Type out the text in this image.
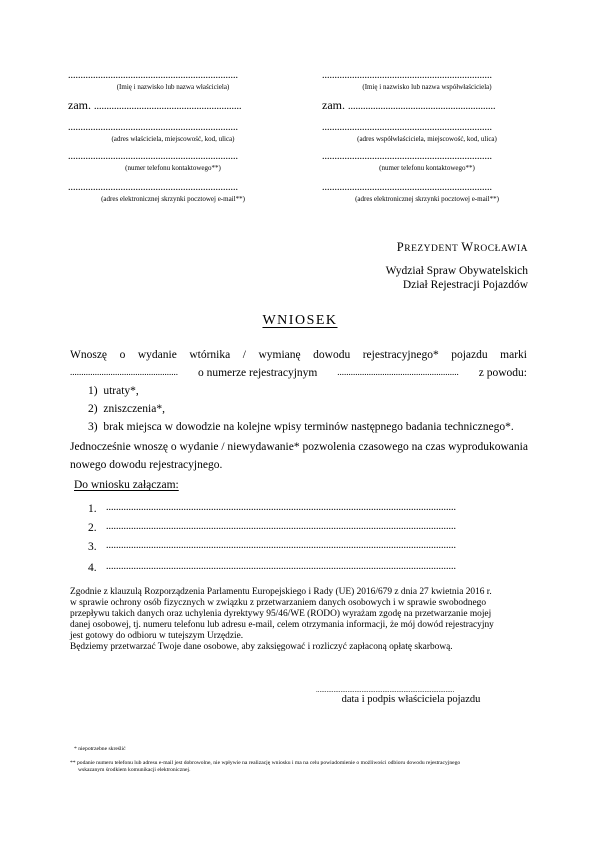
....................................................................
(Imię i nazwisko lub nazwa właściciela)
zam. ...........................................................
....................................................................
(adres właściciela, miejscowość, kod, ulica)
....................................................................
(numer telefonu kontaktowego**)
....................................................................
(adres elektronicznej skrzynki pocztowej e-mail**)
....................................................................
(Imię i nazwisko lub nazwa współwłaściciela)
zam. ...........................................................
....................................................................
(adres współwłaściciela, miejscowość, kod, ulica)
....................................................................
(numer telefonu kontaktowego**)
....................................................................
(adres elektronicznej skrzynki pocztowej e-mail**)
PREZYDENT WROCŁAWIA
Wydział Spraw Obywatelskich
Dział Rejestracji Pojazdów
WNIOSEK
Wnoszę o wydanie wtórnika / wymianę dowodu rejestracyjnego* pojazdu marki
................................................ o numerze rejestracyjnym ...................................................... z powodu:
1) utraty*,
2) zniszczenia*,
3) brak miejsca w dowodzie na kolejne wpisy terminów następnego badania technicznego*.
Jednocześnie wnoszę o wydanie / niewydawanie* pozwolenia czasowego na czas wyprodukowania
nowego dowodu rejestracyjnego.
Do wniosku załączam:
1. ............................................................................................................................................
2. ............................................................................................................................................
3. ............................................................................................................................................
4. ............................................................................................................................................
Zgodnie z klauzulą Rozporządzenia Parlamentu Europejskiego i Rady (UE) 2016/679 z dnia 27 kwietnia 2016 r.
w sprawie ochrony osób fizycznych w związku z przetwarzaniem danych osobowych i w sprawie swobodnego
przepływu takich danych oraz uchylenia dyrektywy 95/46/WE (RODO) wyrażam zgodę na przetwarzanie mojej
danej osobowej, tj. numeru telefonu lub adresu e-mail, celem otrzymania informacji, że mój dowód rejestracyjny
jest gotowy do odbioru w tutejszym Urzędzie.
Będziemy przetwarzać Twoje dane osobowe, aby zaksięgować i rozliczyć zapłaconą opłatę skarbową.
...............................................................................
data i podpis właściciela pojazdu
* niepotrzebne skreślić
** podanie numeru telefonu lub adresu e-mail jest dobrowolne, nie wpływie na realizację wniosku i ma na celu powiadomienie o możliwości odbioru dowodu rejestracyjnego
wskazanym środkiem komunikacji elektronicznej.
